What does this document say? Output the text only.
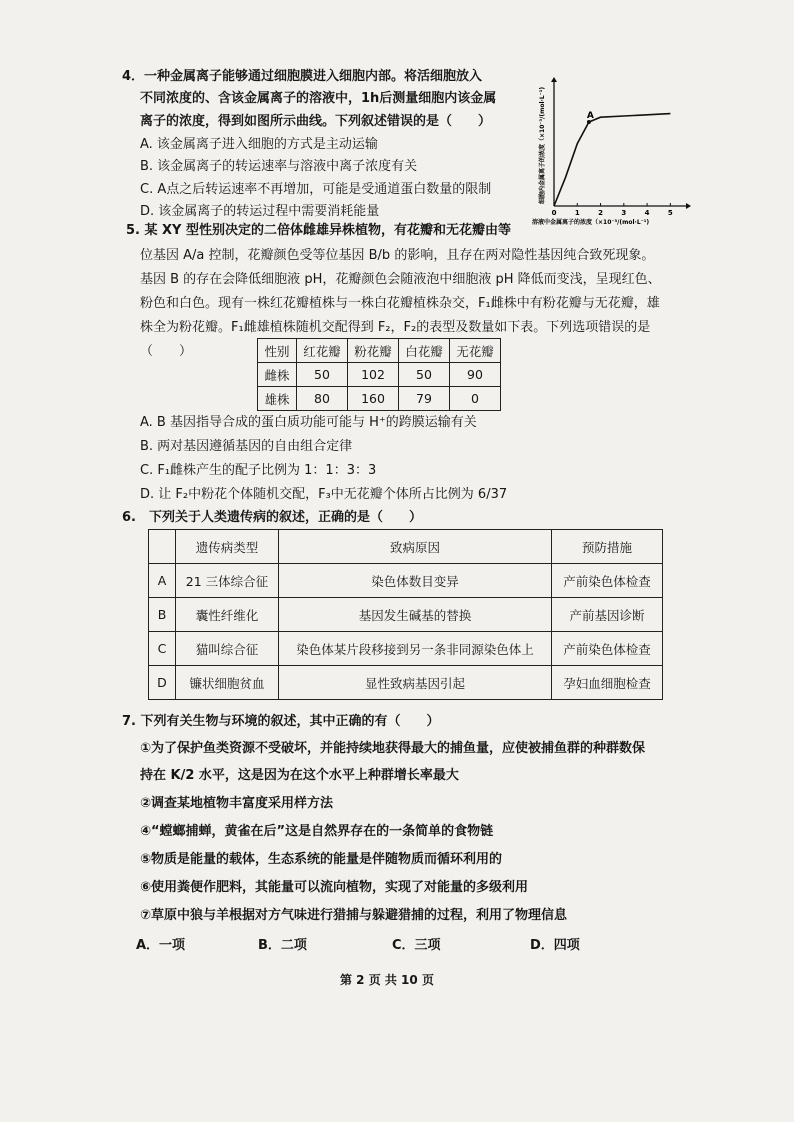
4．一种金属离子能够通过细胞膜进入细胞内部。将活细胞放入
不同浓度的、含该金属离子的溶液中，1h后测量细胞内该金属
离子的浓度，得到如图所示曲线。下列叙述错误的是（　　）
A. 该金属离子进入细胞的方式是主动运输
B. 该金属离子的转运速率与溶液中离子浓度有关
C. A点之后转运速率不再增加，可能是受通道蛋白数量的限制
D. 该金属离子的转运过程中需要消耗能量	0	1	2	3	4	5
A
细胞内金属离子的浓度（×10⁻³/(mol·L⁻¹)
溶液中金属离子的浓度（×10⁻³/(mol·L⁻¹)
5. 某 XY 型性别决定的二倍体雌雄异株植物，有花瓣和无花瓣由等
位基因 A/a 控制，花瓣颜色受等位基因 B/b 的影响，且存在两对隐性基因纯合致死现象。
基因 B 的存在会降低细胞液 pH，花瓣颜色会随液泡中细胞液 pH 降低而变浅，呈现红色、
粉色和白色。现有一株红花瓣植株与一株白花瓣植株杂交，F₁雌株中有粉花瓣与无花瓣，雄
株全为粉花瓣。F₁雌雄植株随机交配得到 F₂，F₂的表型及数量如下表。下列选项错误的是
（　　）	性别	红花瓣	粉花瓣	白花瓣	无花瓣
雌株	50	102	50	90
雄株	80	160	79	0
A. B 基因指导合成的蛋白质功能可能与 H⁺的跨膜运输有关
B. 两对基因遵循基因的自由组合定律
C. F₁雌株产生的配子比例为 1：1：3：3
D. 让 F₂中粉花个体随机交配，F₃中无花瓣个体所占比例为 6/37
6.　下列关于人类遗传病的叙述，正确的是（　　）
	遗传病类型	致病原因	预防措施
A	21 三体综合征	染色体数目变异	产前染色体检查
B	囊性纤维化	基因发生碱基的替换	产前基因诊断
C	猫叫综合征	染色体某片段移接到另一条非同源染色体上	产前染色体检查
D	镰状细胞贫血	显性致病基因引起	孕妇血细胞检查
7. 下列有关生物与环境的叙述，其中正确的有（　　）
①为了保护鱼类资源不受破坏，并能持续地获得最大的捕鱼量，应使被捕鱼群的种群数保
持在 K/2 水平，这是因为在这个水平上种群增长率最大
②调查某地植物丰富度采用样方法
④“螳螂捕蝉，黄雀在后”这是自然界存在的一条简单的食物链
⑤物质是能量的载体，生态系统的能量是伴随物质而循环利用的
⑥使用粪便作肥料，其能量可以流向植物，实现了对能量的多级利用
⑦草原中狼与羊根据对方气味进行猎捕与躲避猎捕的过程，利用了物理信息
A．一项	B．二项	C．三项	D．四项
第 2 页 共 10 页
